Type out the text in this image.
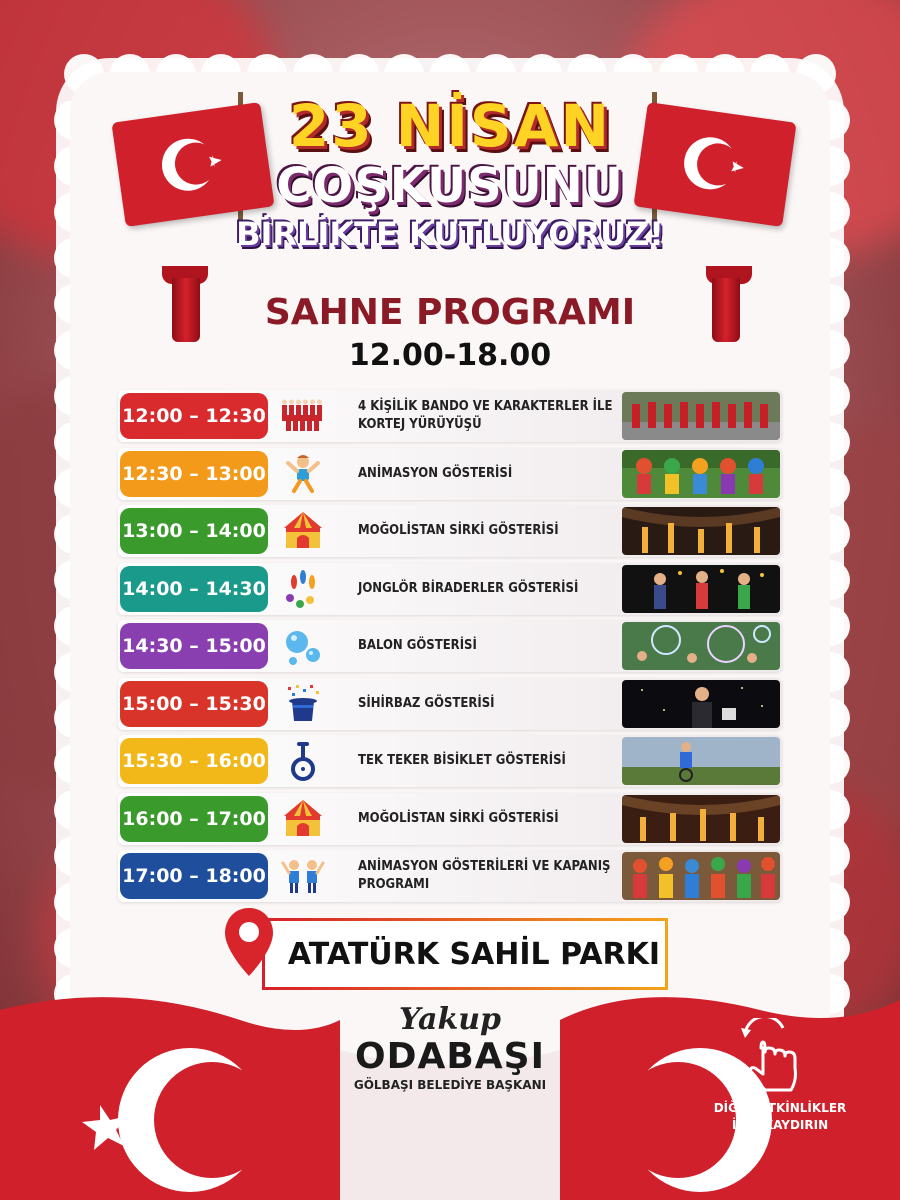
23 NİSAN
COŞKUSUNU
BİRLİKTE KUTLUYORUZ!
SAHNE PROGRAMI
12.00-18.00
12:00 – 12:30	4 KİŞİLİK BANDO VE KARAKTERLER İLE KORTEJ YÜRÜYÜŞÜ
12:30 – 13:00	ANİMASYON GÖSTERİSİ
13:00 – 14:00	MOĞOLİSTAN SİRKİ GÖSTERİSİ
14:00 – 14:30	JONGLÖR BİRADERLER GÖSTERİSİ
14:30 – 15:00	BALON GÖSTERİSİ
15:00 – 15:30	SİHİRBAZ GÖSTERİSİ
15:30 – 16:00	TEK TEKER BİSİKLET GÖSTERİSİ
16:00 – 17:00	MOĞOLİSTAN SİRKİ GÖSTERİSİ
17:00 – 18:00	ANİMASYON GÖSTERİLERİ VE KAPANIŞ PROGRAMI
ATATÜRK SAHİL PARKI
Yakup
ODABAŞI
GÖLBAŞI BELEDİYE BAŞKANI
DİĞER ETKİNLİKLER
İÇİN KAYDIRIN
